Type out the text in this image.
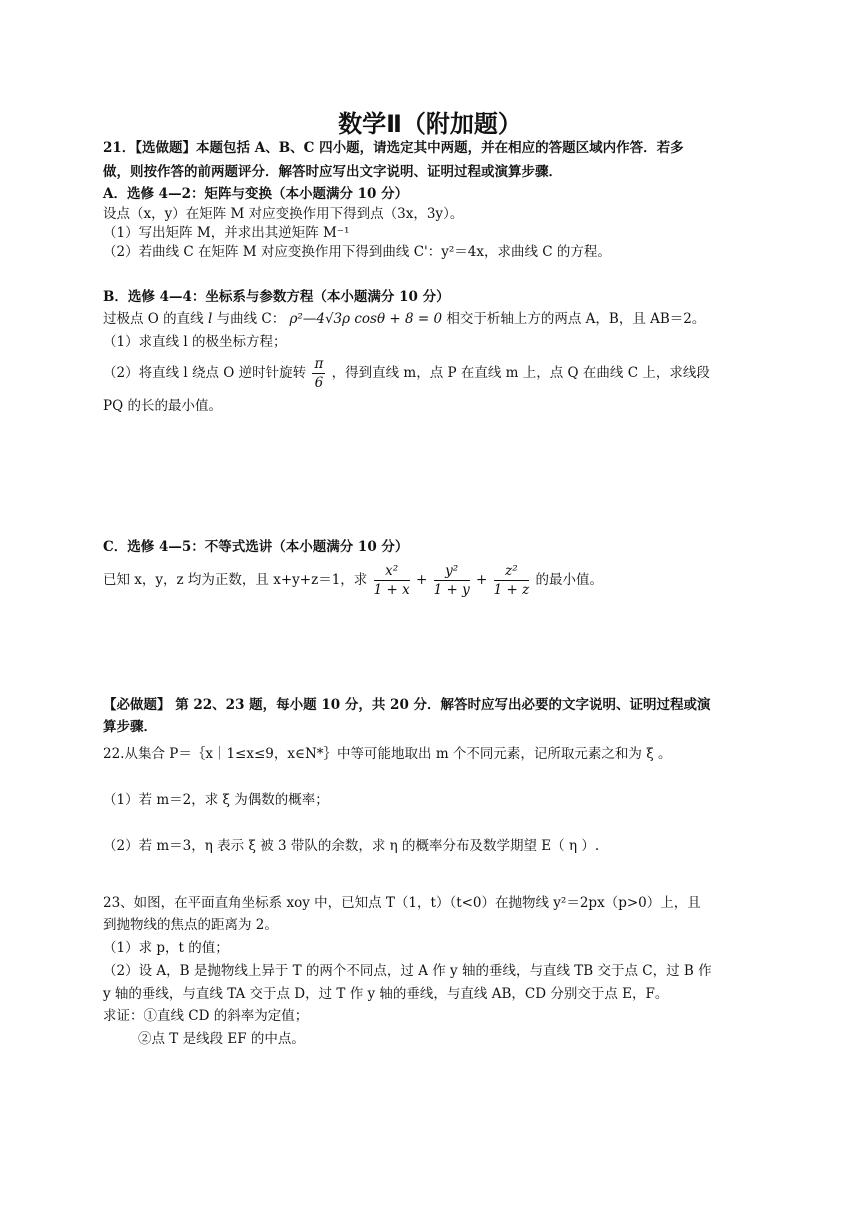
数学Ⅱ（附加题）
21．【选做题】本题包括 A、B、C 四小题，请选定其中两题，并在相应的答题区域内作答．若多
做，则按作答的前两题评分．解答时应写出文字说明、证明过程或演算步骤．
A．选修 4—2：矩阵与变换（本小题满分 10 分）
设点（x，y）在矩阵 M 对应变换作用下得到点（3x，3y）。
（1）写出矩阵 M，并求出其逆矩阵 M⁻¹
（2）若曲线 C 在矩阵 M 对应变换作用下得到曲线 C'：y²＝4x，求曲线 C 的方程。
B．选修 4—4：坐标系与参数方程（本小题满分 10 分）
过极点 O 的直线 l 与曲线 C： ρ²—4√3ρ cosθ + 8 = 0 相交于析轴上方的两点 A，B，且 AB＝2。
（1）求直线 l 的极坐标方程；
（2）将直线 l 绕点 O 逆时针旋转 $\frac{\pi}{6}$ ，得到直线 m，点 P 在直线 m 上，点 Q 在曲线 C 上，求线段
PQ 的长的最小值。
C．选修 4—5：不等式选讲（本小题满分 10 分）
已知 x，y，z 均为正数，且 x+y+z＝1，求 $\frac{\text{x²}}{1 + x} + \frac{\text{y²}}{1 + y} + \frac{\text{z²}}{1 + z}$ 的最小值。
【必做题】 第 22、23 题，每小题 10 分，共 20 分．解答时应写出必要的文字说明、证明过程或演
算步骤．
22.从集合 P＝｛x｜1≤x≤9，x∈N*｝中等可能地取出 m 个不同元素，记所取元素之和为 ξ 。
（1）若 m＝2，求 ξ 为偶数的概率；
（2）若 m＝3，η 表示 ξ 被 3 带队的余数，求 η 的概率分布及数学期望 E（ η ）.
23、如图，在平面直角坐标系 xoy 中，已知点 T（1，t）（t<0）在抛物线 y²＝2px（p>0）上，且
到抛物线的焦点的距离为 2。
（1）求 p，t 的值；
（2）设 A，B 是抛物线上异于 T 的两个不同点，过 A 作 y 轴的垂线，与直线 TB 交于点 C，过 B 作
y 轴的垂线，与直线 TA 交于点 D，过 T 作 y 轴的垂线，与直线 AB，CD 分别交于点 E，F。
求证：①直线 CD 的斜率为定值；
②点 T 是线段 EF 的中点。
